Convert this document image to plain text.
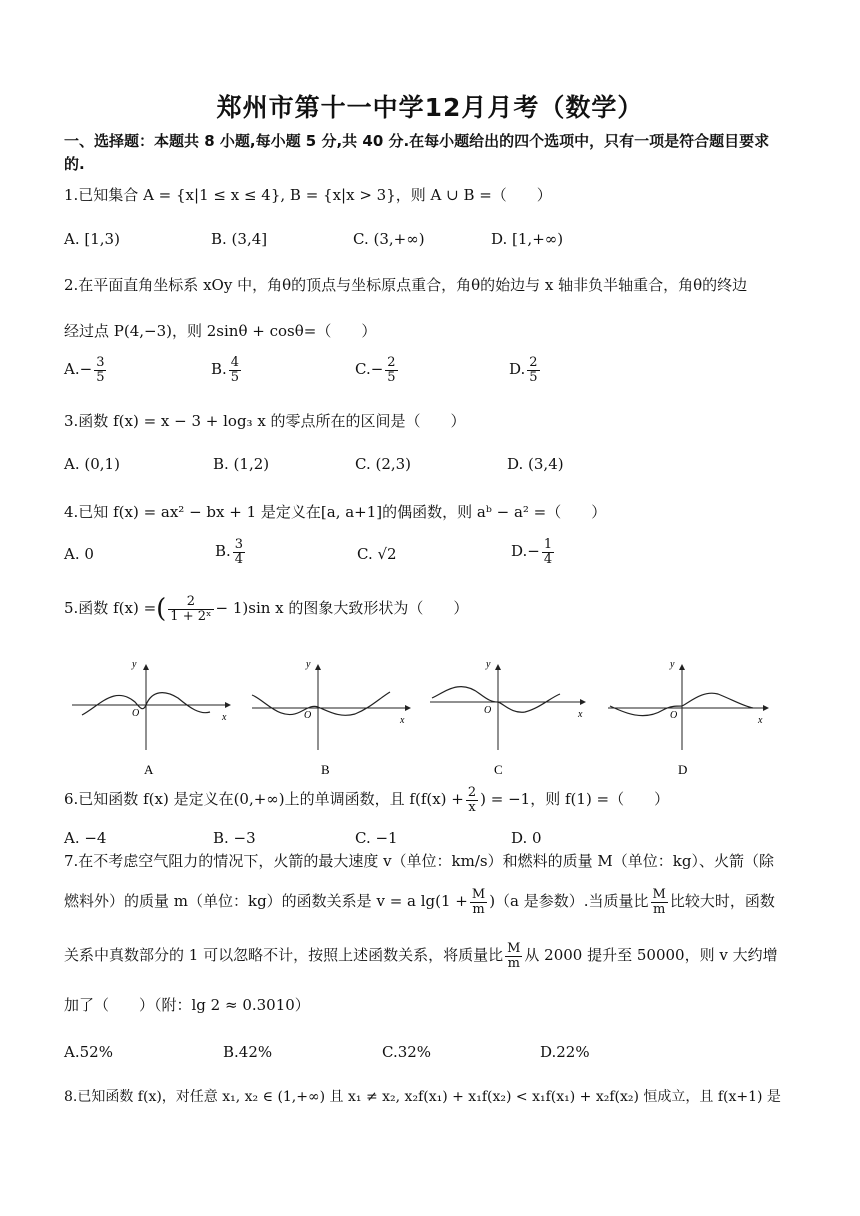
郑州市第十一中学12月月考（数学）
一、选择题：本题共 8 小题,每小题 5 分,共 40 分.在每小题给出的四个选项中，只有一项是符合题目要求
的.
1.已知集合 A = {x|1 ≤ x ≤ 4}, B = {x|x > 3}，则 A ∪ B =（　　）
A. [1,3)	B. (3,4]	C. (3,+∞)	D. [1,+∞)
2.在平面直角坐标系 xOy 中，角θ的顶点与坐标原点重合，角θ的始边与 x 轴非负半轴重合，角θ的终边
经过点 P(4,−3)，则 2sinθ + cosθ=（　　）
$A.- \frac{3}{5}$	B. $\frac{4}{5}$	$C.- \frac{2}{5}$	D. $\frac{2}{5}$
3.函数 f(x) = x − 3 + log₃ x 的零点所在的区间是（　　）
A. (0,1)	B. (1,2)	C. (2,3)	D. (3,4)
4.已知 f(x) = ax² − bx + 1 是定义在[a, a+1]的偶函数，则 aᵇ − a² =（　　）
A. 0	B. $\frac{3}{4}$	C. √2	$D.- \frac{1}{4}$
5.函数 f(x) =( $\frac{2}{\text{1 + 2ˣ}} - 1)\sin$ x 的图象大致形状为（　　）
O	x
y
A
O	x
y
B
O	x
y
C
O	x
y
D
6.已知函数 f(x) 是定义在(0,+∞)上的单调函数，且 $f(f(x) + \frac{2}{x}$ ) = −1，则 f(1) =（　　）
A. −4	B. −3	C. −1	D. 0
7.在不考虑空气阻力的情况下，火箭的最大速度 v（单位：km/s）和燃料的质量 M（单位：kg）、火箭（除
燃料外）的质量 m（单位：kg）的函数关系是 v = a $\lg(1 + \frac{M}{m} )(a$ 是参数）.当质量比 $\frac{M}{m}$ 比较大时，函数
关系中真数部分的 1 可以忽略不计，按照上述函数关系，将质量比 $\frac{M}{m}$ 从 2000 提升至 50000，则 v 大约增
加了（　　）（附：lg 2 ≈ 0.3010）
A.52%	B.42%	C.32%	D.22%
8.已知函数 f(x)，对任意 x₁, x₂ ∈ (1,+∞) 且 x₁ ≠ x₂, x₂f(x₁) + x₁f(x₂) < x₁f(x₁) + x₂f(x₂) 恒成立，且 f(x+1) 是
